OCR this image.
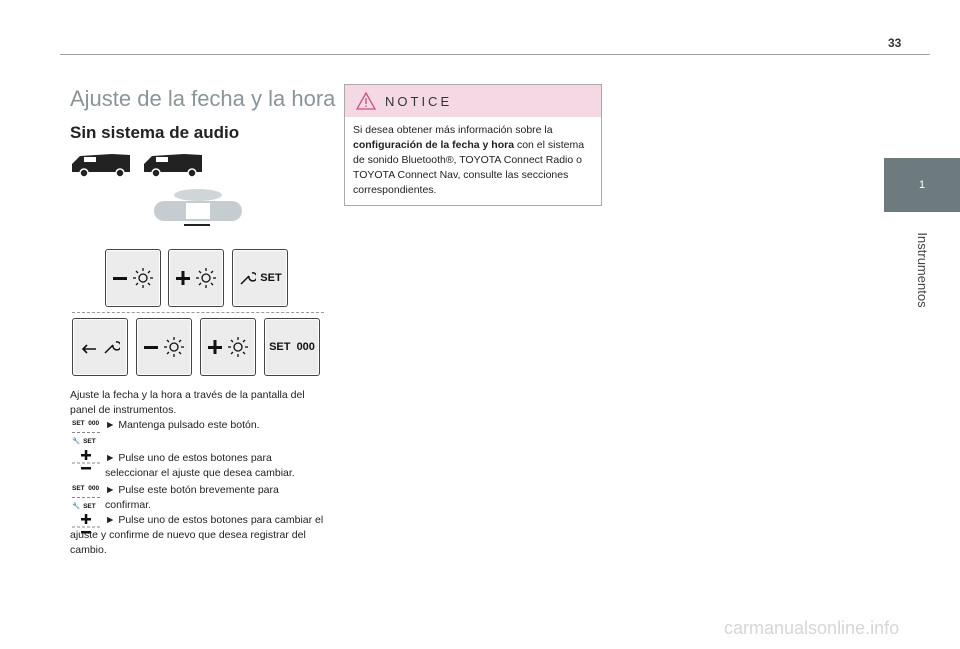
33
1
Instrumentos
Ajuste de la fecha y la hora
Sin sistema de audio
SET
SET  000

Ajuste la fecha y la hora a través de la pantalla del panel de instrumentos.

SET  000
🔧 SET

► Mantenga pulsado este botón.

► Pulse uno de estos botones para seleccionar el ajuste que desea cambiar.

SET  000
🔧 SET

► Pulse este botón brevemente para confirmar.

► Pulse uno de estos botones para cambiar el ajuste y confirme de nuevo que desea registrar del cambio.

NOTICE
Si desea obtener más información sobre la configuración de la fecha y hora con el sistema de sonido Bluetooth®, TOYOTA Connect Radio o TOYOTA Connect Nav, consulte las secciones correspondientes.
carmanualsonline.info
